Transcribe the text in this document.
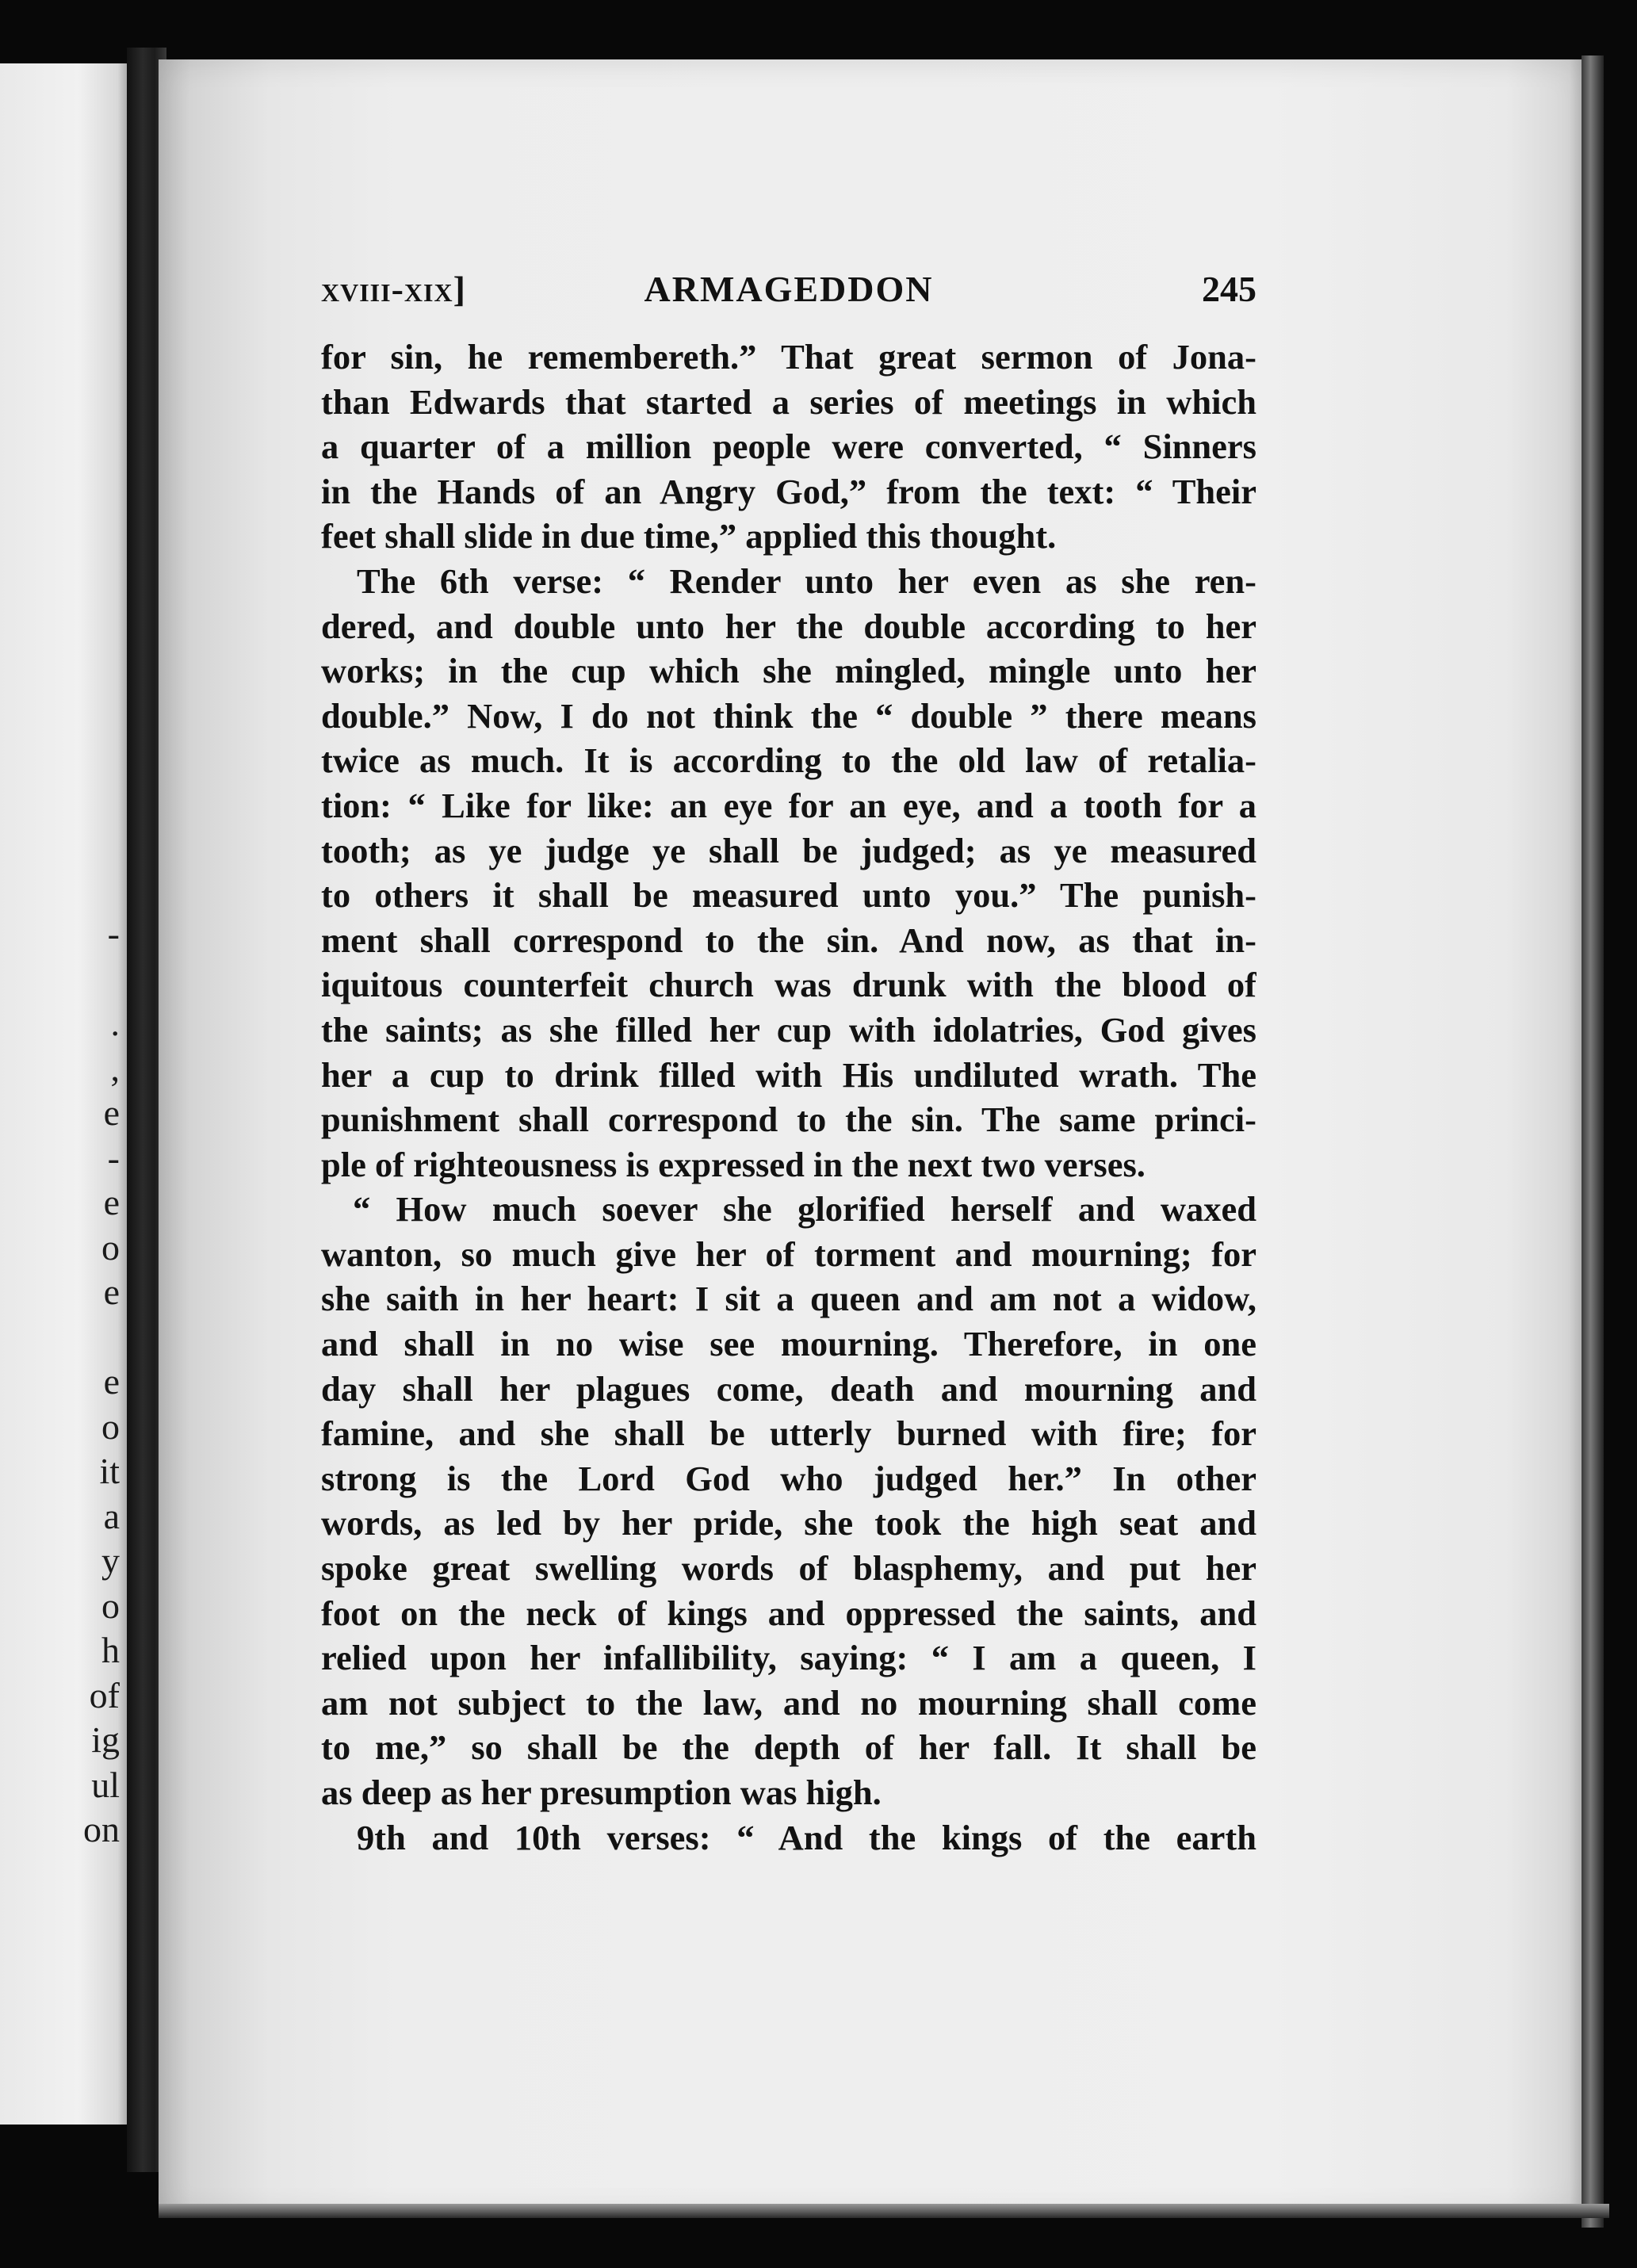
-
.
,
e
-
e
o
e
e
o
it
a
y
o
h
of
ig
ul
on
xviii-xix]	ARMAGEDDON	245
for sin, he remembereth.” That great sermon of Jona-
than Edwards that started a series of meetings in which
a quarter of a million people were converted, “ Sinners
in the Hands of an Angry God,” from the text: “ Their
feet shall slide in due time,” applied this thought.
The 6th verse: “ Render unto her even as she ren-
dered, and double unto her the double according to her
works; in the cup which she mingled, mingle unto her
double.” Now, I do not think the “ double ” there means
twice as much. It is according to the old law of retalia-
tion: “ Like for like: an eye for an eye, and a tooth for a
tooth; as ye judge ye shall be judged; as ye measured
to others it shall be measured unto you.” The punish-
ment shall correspond to the sin. And now, as that in-
iquitous counterfeit church was drunk with the blood of
the saints; as she filled her cup with idolatries, God gives
her a cup to drink filled with His undiluted wrath. The
punishment shall correspond to the sin. The same princi-
ple of righteousness is expressed in the next two verses.
“ How much soever she glorified herself and waxed
wanton, so much give her of torment and mourning; for
she saith in her heart: I sit a queen and am not a widow,
and shall in no wise see mourning. Therefore, in one
day shall her plagues come, death and mourning and
famine, and she shall be utterly burned with fire; for
strong is the Lord God who judged her.” In other
words, as led by her pride, she took the high seat and
spoke great swelling words of blasphemy, and put her
foot on the neck of kings and oppressed the saints, and
relied upon her infallibility, saying: “ I am a queen, I
am not subject to the law, and no mourning shall come
to me,” so shall be the depth of her fall. It shall be
as deep as her presumption was high.
9th and 10th verses: “ And the kings of the earth
